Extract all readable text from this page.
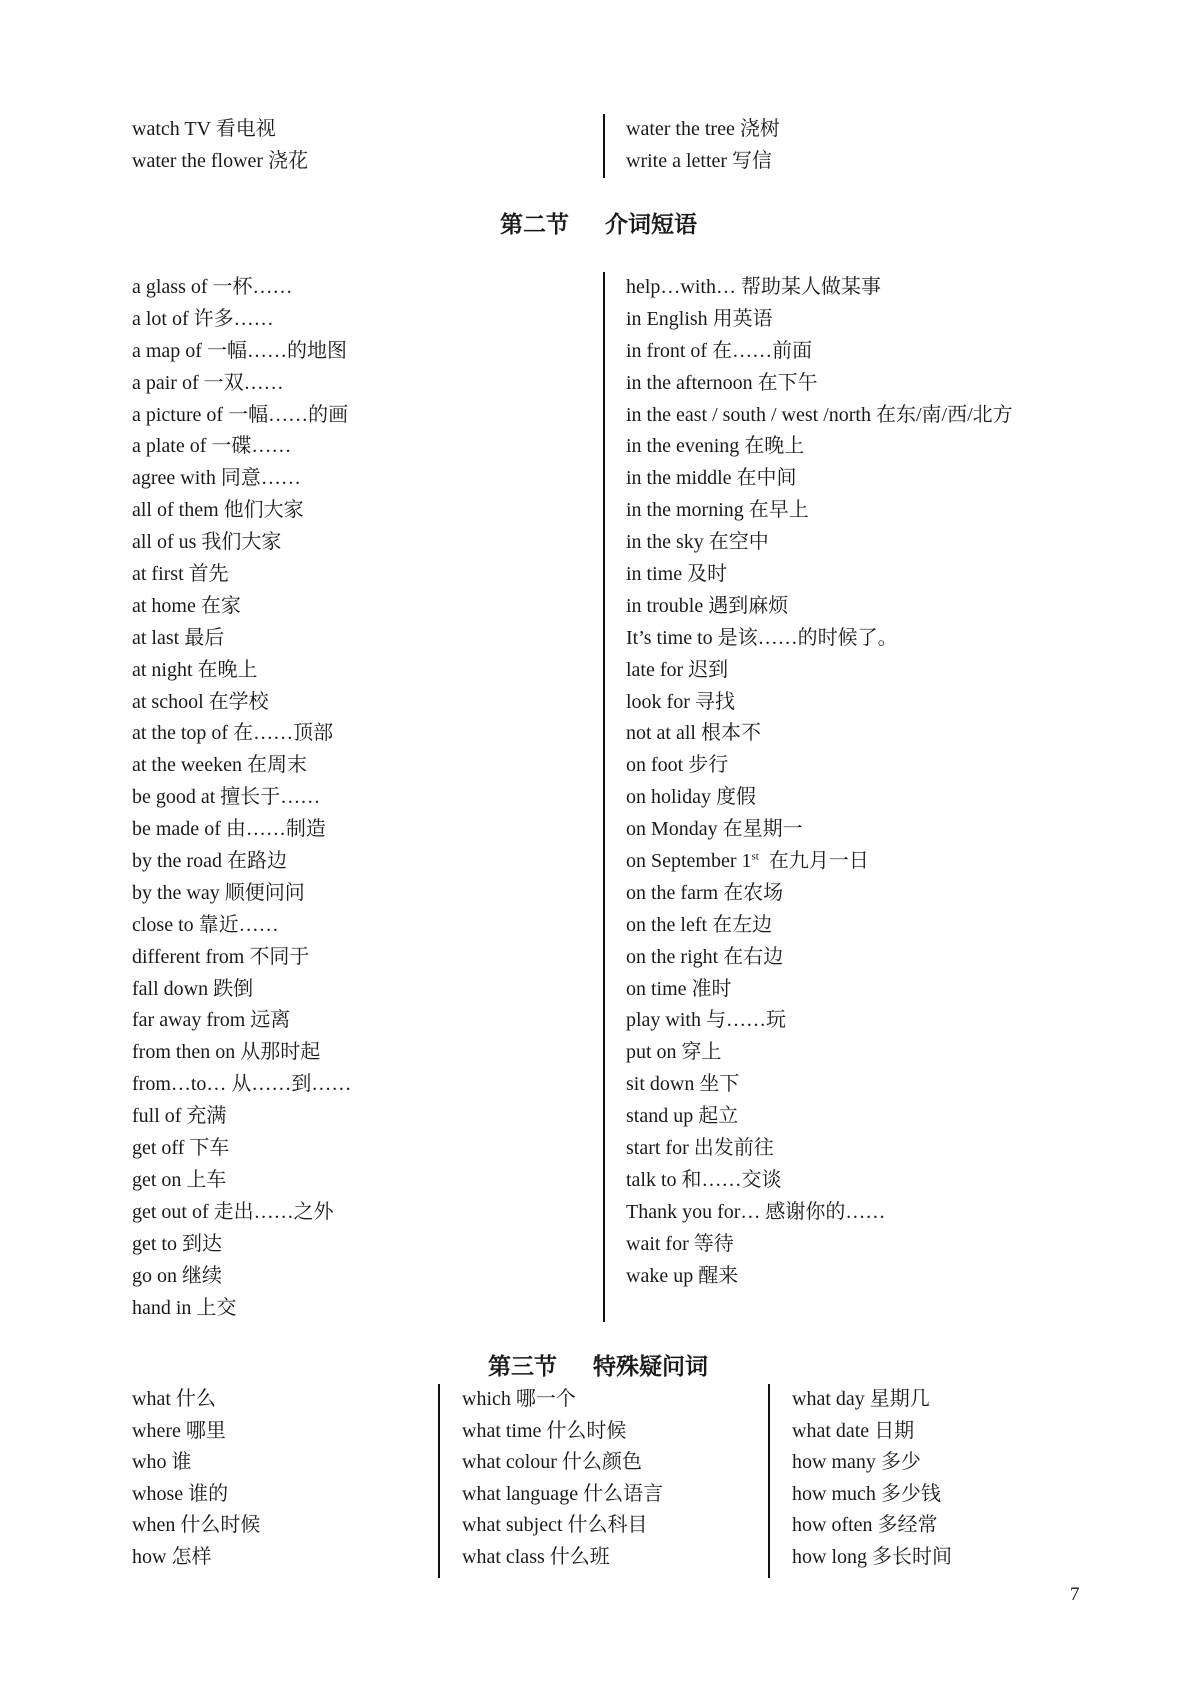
watch TV 看电视
water the flower 浇花
water the tree 浇树
write a letter 写信
第二节 介词短语
a glass of 一杯……
a lot of 许多……
a map of 一幅……的地图
a pair of 一双……
a picture of 一幅……的画
a plate of 一碟……
agree with 同意……
all of them 他们大家
all of us 我们大家
at first 首先
at home 在家
at last 最后
at night 在晚上
at school 在学校
at the top of 在……顶部
at the weeken 在周末
be good at 擅长于……
be made of 由……制造
by the road 在路边
by the way 顺便问问
close to 靠近……
different from 不同于
fall down 跌倒
far away from 远离
from then on 从那时起
from…to… 从……到……
full of 充满
get off 下车
get on 上车
get out of 走出……之外
get to 到达
go on 继续
hand in 上交
help…with… 帮助某人做某事
in English 用英语
in front of 在……前面
in the afternoon 在下午
in the east / south / west /north 在东/南/西/北方
in the evening 在晚上
in the middle 在中间
in the morning 在早上
in the sky 在空中
in time 及时
in trouble 遇到麻烦
It’s time to 是该……的时候了。
late for 迟到
look for 寻找
not at all 根本不
on foot 步行
on holiday 度假
on Monday 在星期一
on September 1st  在九月一日
on the farm 在农场
on the left 在左边
on the right 在右边
on time 准时
play with 与……玩
put on 穿上
sit down 坐下
stand up 起立
start for 出发前往
talk to 和……交谈
Thank you for… 感谢你的……
wait for 等待
wake up 醒来
第三节 特殊疑问词
what 什么
where 哪里
who 谁
whose 谁的
when 什么时候
how 怎样
which 哪一个
what time 什么时候
what colour 什么颜色
what language 什么语言
what subject 什么科目
what class 什么班
what day 星期几
what date 日期
how many 多少
how much 多少钱
how often 多经常
how long 多长时间
7
